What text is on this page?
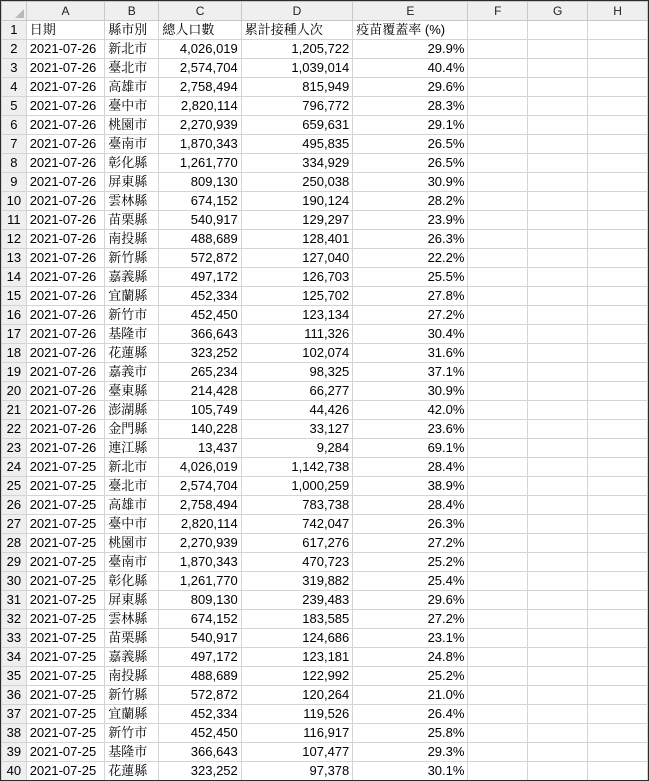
	A	B	C	D	E	F	G	H
1	日期	縣市別	總人口數	累計接種人次	疫苗覆蓋率 (%)			
2	2021-07-26	新北市	4,026,019	1,205,722	29.9%			
3	2021-07-26	臺北市	2,574,704	1,039,014	40.4%			
4	2021-07-26	高雄市	2,758,494	815,949	29.6%			
5	2021-07-26	臺中市	2,820,114	796,772	28.3%			
6	2021-07-26	桃園市	2,270,939	659,631	29.1%			
7	2021-07-26	臺南市	1,870,343	495,835	26.5%			
8	2021-07-26	彰化縣	1,261,770	334,929	26.5%			
9	2021-07-26	屏東縣	809,130	250,038	30.9%			
10	2021-07-26	雲林縣	674,152	190,124	28.2%			
11	2021-07-26	苗栗縣	540,917	129,297	23.9%			
12	2021-07-26	南投縣	488,689	128,401	26.3%			
13	2021-07-26	新竹縣	572,872	127,040	22.2%			
14	2021-07-26	嘉義縣	497,172	126,703	25.5%			
15	2021-07-26	宜蘭縣	452,334	125,702	27.8%			
16	2021-07-26	新竹市	452,450	123,134	27.2%			
17	2021-07-26	基隆市	366,643	111,326	30.4%			
18	2021-07-26	花蓮縣	323,252	102,074	31.6%			
19	2021-07-26	嘉義市	265,234	98,325	37.1%			
20	2021-07-26	臺東縣	214,428	66,277	30.9%			
21	2021-07-26	澎湖縣	105,749	44,426	42.0%			
22	2021-07-26	金門縣	140,228	33,127	23.6%			
23	2021-07-26	連江縣	13,437	9,284	69.1%			
24	2021-07-25	新北市	4,026,019	1,142,738	28.4%			
25	2021-07-25	臺北市	2,574,704	1,000,259	38.9%			
26	2021-07-25	高雄市	2,758,494	783,738	28.4%			
27	2021-07-25	臺中市	2,820,114	742,047	26.3%			
28	2021-07-25	桃園市	2,270,939	617,276	27.2%			
29	2021-07-25	臺南市	1,870,343	470,723	25.2%			
30	2021-07-25	彰化縣	1,261,770	319,882	25.4%			
31	2021-07-25	屏東縣	809,130	239,483	29.6%			
32	2021-07-25	雲林縣	674,152	183,585	27.2%			
33	2021-07-25	苗栗縣	540,917	124,686	23.1%			
34	2021-07-25	嘉義縣	497,172	123,181	24.8%			
35	2021-07-25	南投縣	488,689	122,992	25.2%			
36	2021-07-25	新竹縣	572,872	120,264	21.0%			
37	2021-07-25	宜蘭縣	452,334	119,526	26.4%			
38	2021-07-25	新竹市	452,450	116,917	25.8%			
39	2021-07-25	基隆市	366,643	107,477	29.3%			
40	2021-07-25	花蓮縣	323,252	97,378	30.1%			
